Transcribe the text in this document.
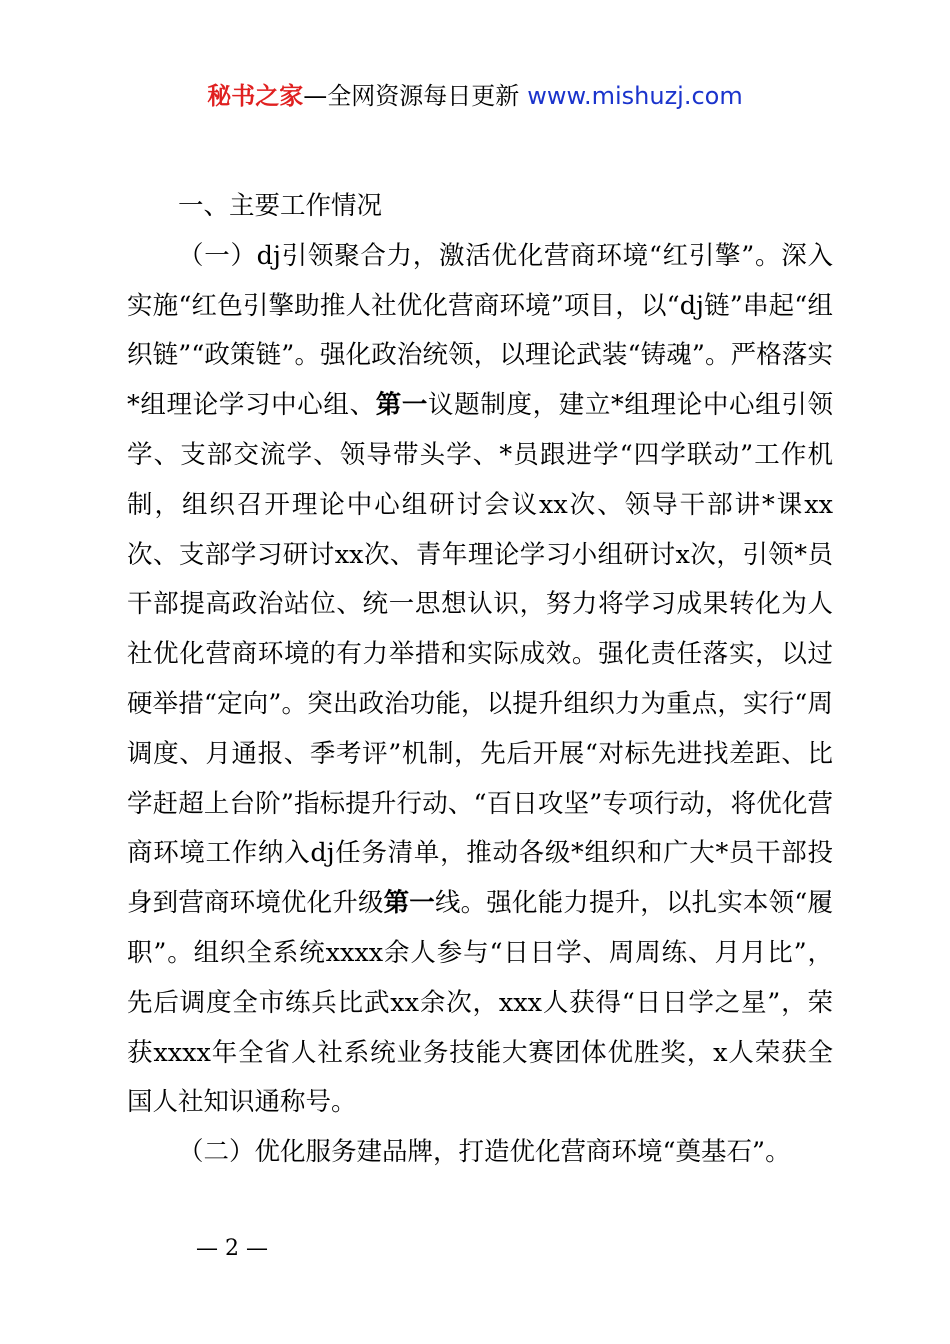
秘书之家—全网资源每日更新 www.mishuzj.com

一、主要工作情况

（一）dj引领聚合力，激活优化营商环境“红引擎”。深入实施“红色引擎助推人社优化营商环境”项目，以“dj链”串起“组织链”“政策链”。强化政治统领，以理论武装“铸魂”。严格落实*组理论学习中心组、第一议题制度，建立*组理论中心组引领学、支部交流学、领导带头学、*员跟进学“四学联动”工作机制，组织召开理论中心组研讨会议xx次、领导干部讲*课xx次、支部学习研讨xx次、青年理论学习小组研讨x次，引领*员干部提高政治站位、统一思想认识，努力将学习成果转化为人社优化营商环境的有力举措和实际成效。强化责任落实，以过硬举措“定向”。突出政治功能，以提升组织力为重点，实行“周调度、月通报、季考评”机制，先后开展“对标先进找差距、比学赶超上台阶”指标提升行动、“百日攻坚”专项行动，将优化营商环境工作纳入dj任务清单，推动各级*组织和广大*员干部投身到营商环境优化升级第一线。强化能力提升，以扎实本领“履职”。组织全系统xxxx余人参与“日日学、周周练、月月比”，先后调度全市练兵比武xx余次，xxx人获得“日日学之星”，荣获xxxx年全省人社系统业务技能大赛团体优胜奖，x人荣获全国人社知识通称号。

（二）优化服务建品牌，打造优化营商环境“奠基石”。

— 2 —
